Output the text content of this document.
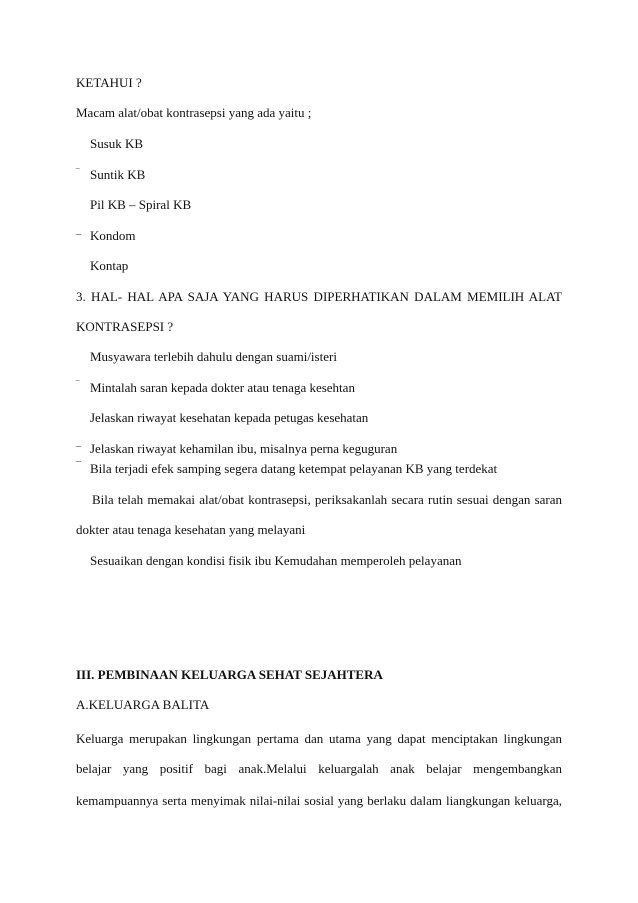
KETAHUI ?
Macam alat/obat kontrasepsi yang ada yaitu ;
Susuk KB
‾ Suntik KB
Pil KB – Spiral KB
_ Kondom
Kontap
3. HAL- HAL APA SAJA YANG HARUS DIPERHATIKAN DALAM MEMILIH ALAT
KONTRASEPSI ?
Musyawara terlebih dahulu dengan suami/isteri
‾ Mintalah saran kepada dokter atau tenaga kesehtan
Jelaskan riwayat kesehatan kepada petugas kesehatan
_ Jelaskan riwayat kehamilan ibu, misalnya perna keguguran
¯ Bila terjadi efek samping segera datang ketempat pelayanan KB yang terdekat
Bila telah memakai alat/obat kontrasepsi, periksakanlah secara rutin sesuai dengan saran
dokter atau tenaga kesehatan yang melayani
Sesuaikan dengan kondisi fisik ibu Kemudahan memperoleh pelayanan
III. PEMBINAAN KELUARGA SEHAT SEJAHTERA
A.KELUARGA BALITA
Keluarga merupakan lingkungan pertama dan utama yang dapat menciptakan lingkungan
belajar yang positif bagi anak.Melalui keluargalah anak belajar mengembangkan
kemampuannya serta menyimak nilai-nilai sosial yang berlaku dalam liangkungan keluarga,
